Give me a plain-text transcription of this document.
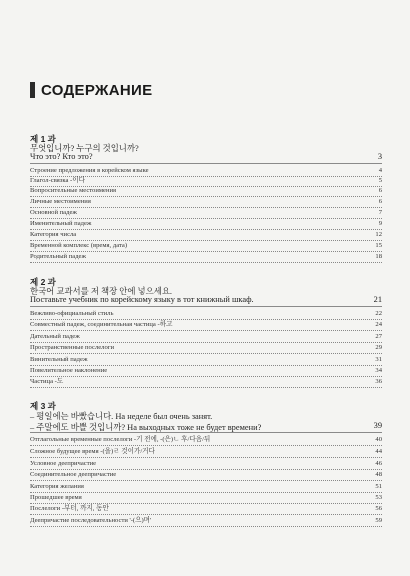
СОДЕРЖАНИЕ
제 1 과
무엇입니까? 누구의 것입니까?
Что это? Кто это?	3
Строение предложения в корейском языке	4
Глагол-связка -이다	5
Вопросительные местоимения	6
Личные местоимения	6
Основной падеж	7
Именительный падеж	9
Категория числа	12
Временной комплекс (время, дата)	15
Родительный падеж	18
제 2 과
한국어 교과서를 저 책장 안에 넣으세요.
Поставьте учебник по корейскому языку в тот книжный шкаф.	21
Вежливо-официальный стиль	22
Совместный падеж, соединительная частица -하고	24
Дательный падеж	27
Пространственные послелоги	29
Винительный падеж	31
Повелительное наклонение	34
Частица -도	36
제 3 과
– 평일에는 바빴습니다. На неделе был очень занят.
– 주말에도 바쁠 것입니까? На выходных тоже не будет времени?	39
Отглагольные временные послелоги -기 전에, -(은)ㄴ 후/다음/뒤	40
Сложное будущее время -(을)ㄹ 것이가/거다	44
Условное деепричастие	46
Соединительное деепричастие	48
Категория желания	51
Прошедшее время	53
Послелоги -부터, 까지, 동안	56
Деепричастие последовательности '-(으)며'	59
